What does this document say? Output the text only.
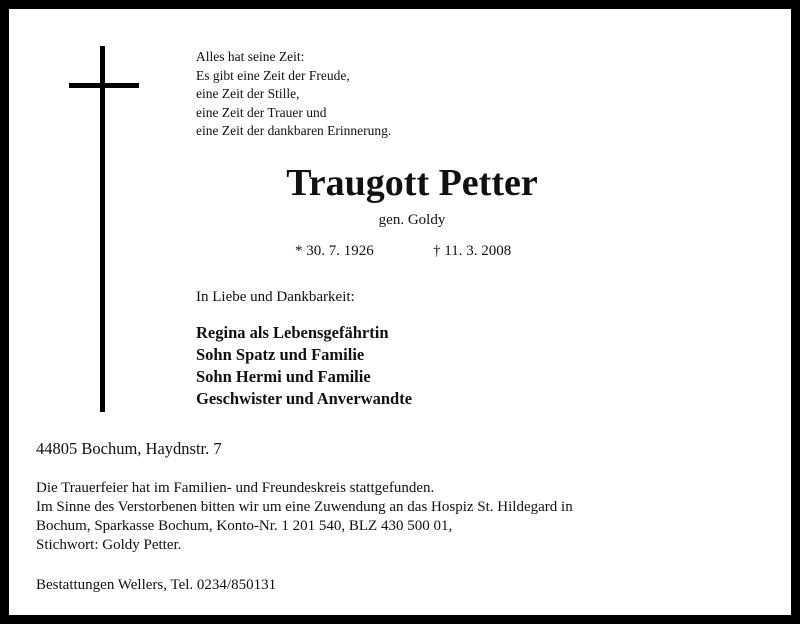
Alles hat seine Zeit:
Es gibt eine Zeit der Freude,
eine Zeit der Stille,
eine Zeit der Trauer und
eine Zeit der dankbaren Erinnerung.
Traugott Petter
gen. Goldy
* 30. 7. 1926	† 11. 3. 2008
In Liebe und Dankbarkeit:
Regina als Lebensgefährtin
Sohn Spatz und Familie
Sohn Hermi und Familie
Geschwister und Anverwandte
44805 Bochum, Haydnstr. 7
Die Trauerfeier hat im Familien- und Freundeskreis stattgefunden.
Im Sinne des Verstorbenen bitten wir um eine Zuwendung an das Hospiz St. Hildegard in
Bochum, Sparkasse Bochum, Konto-Nr. 1 201 540, BLZ 430 500 01,
Stichwort: Goldy Petter.
Bestattungen Wellers, Tel. 0234/850131
